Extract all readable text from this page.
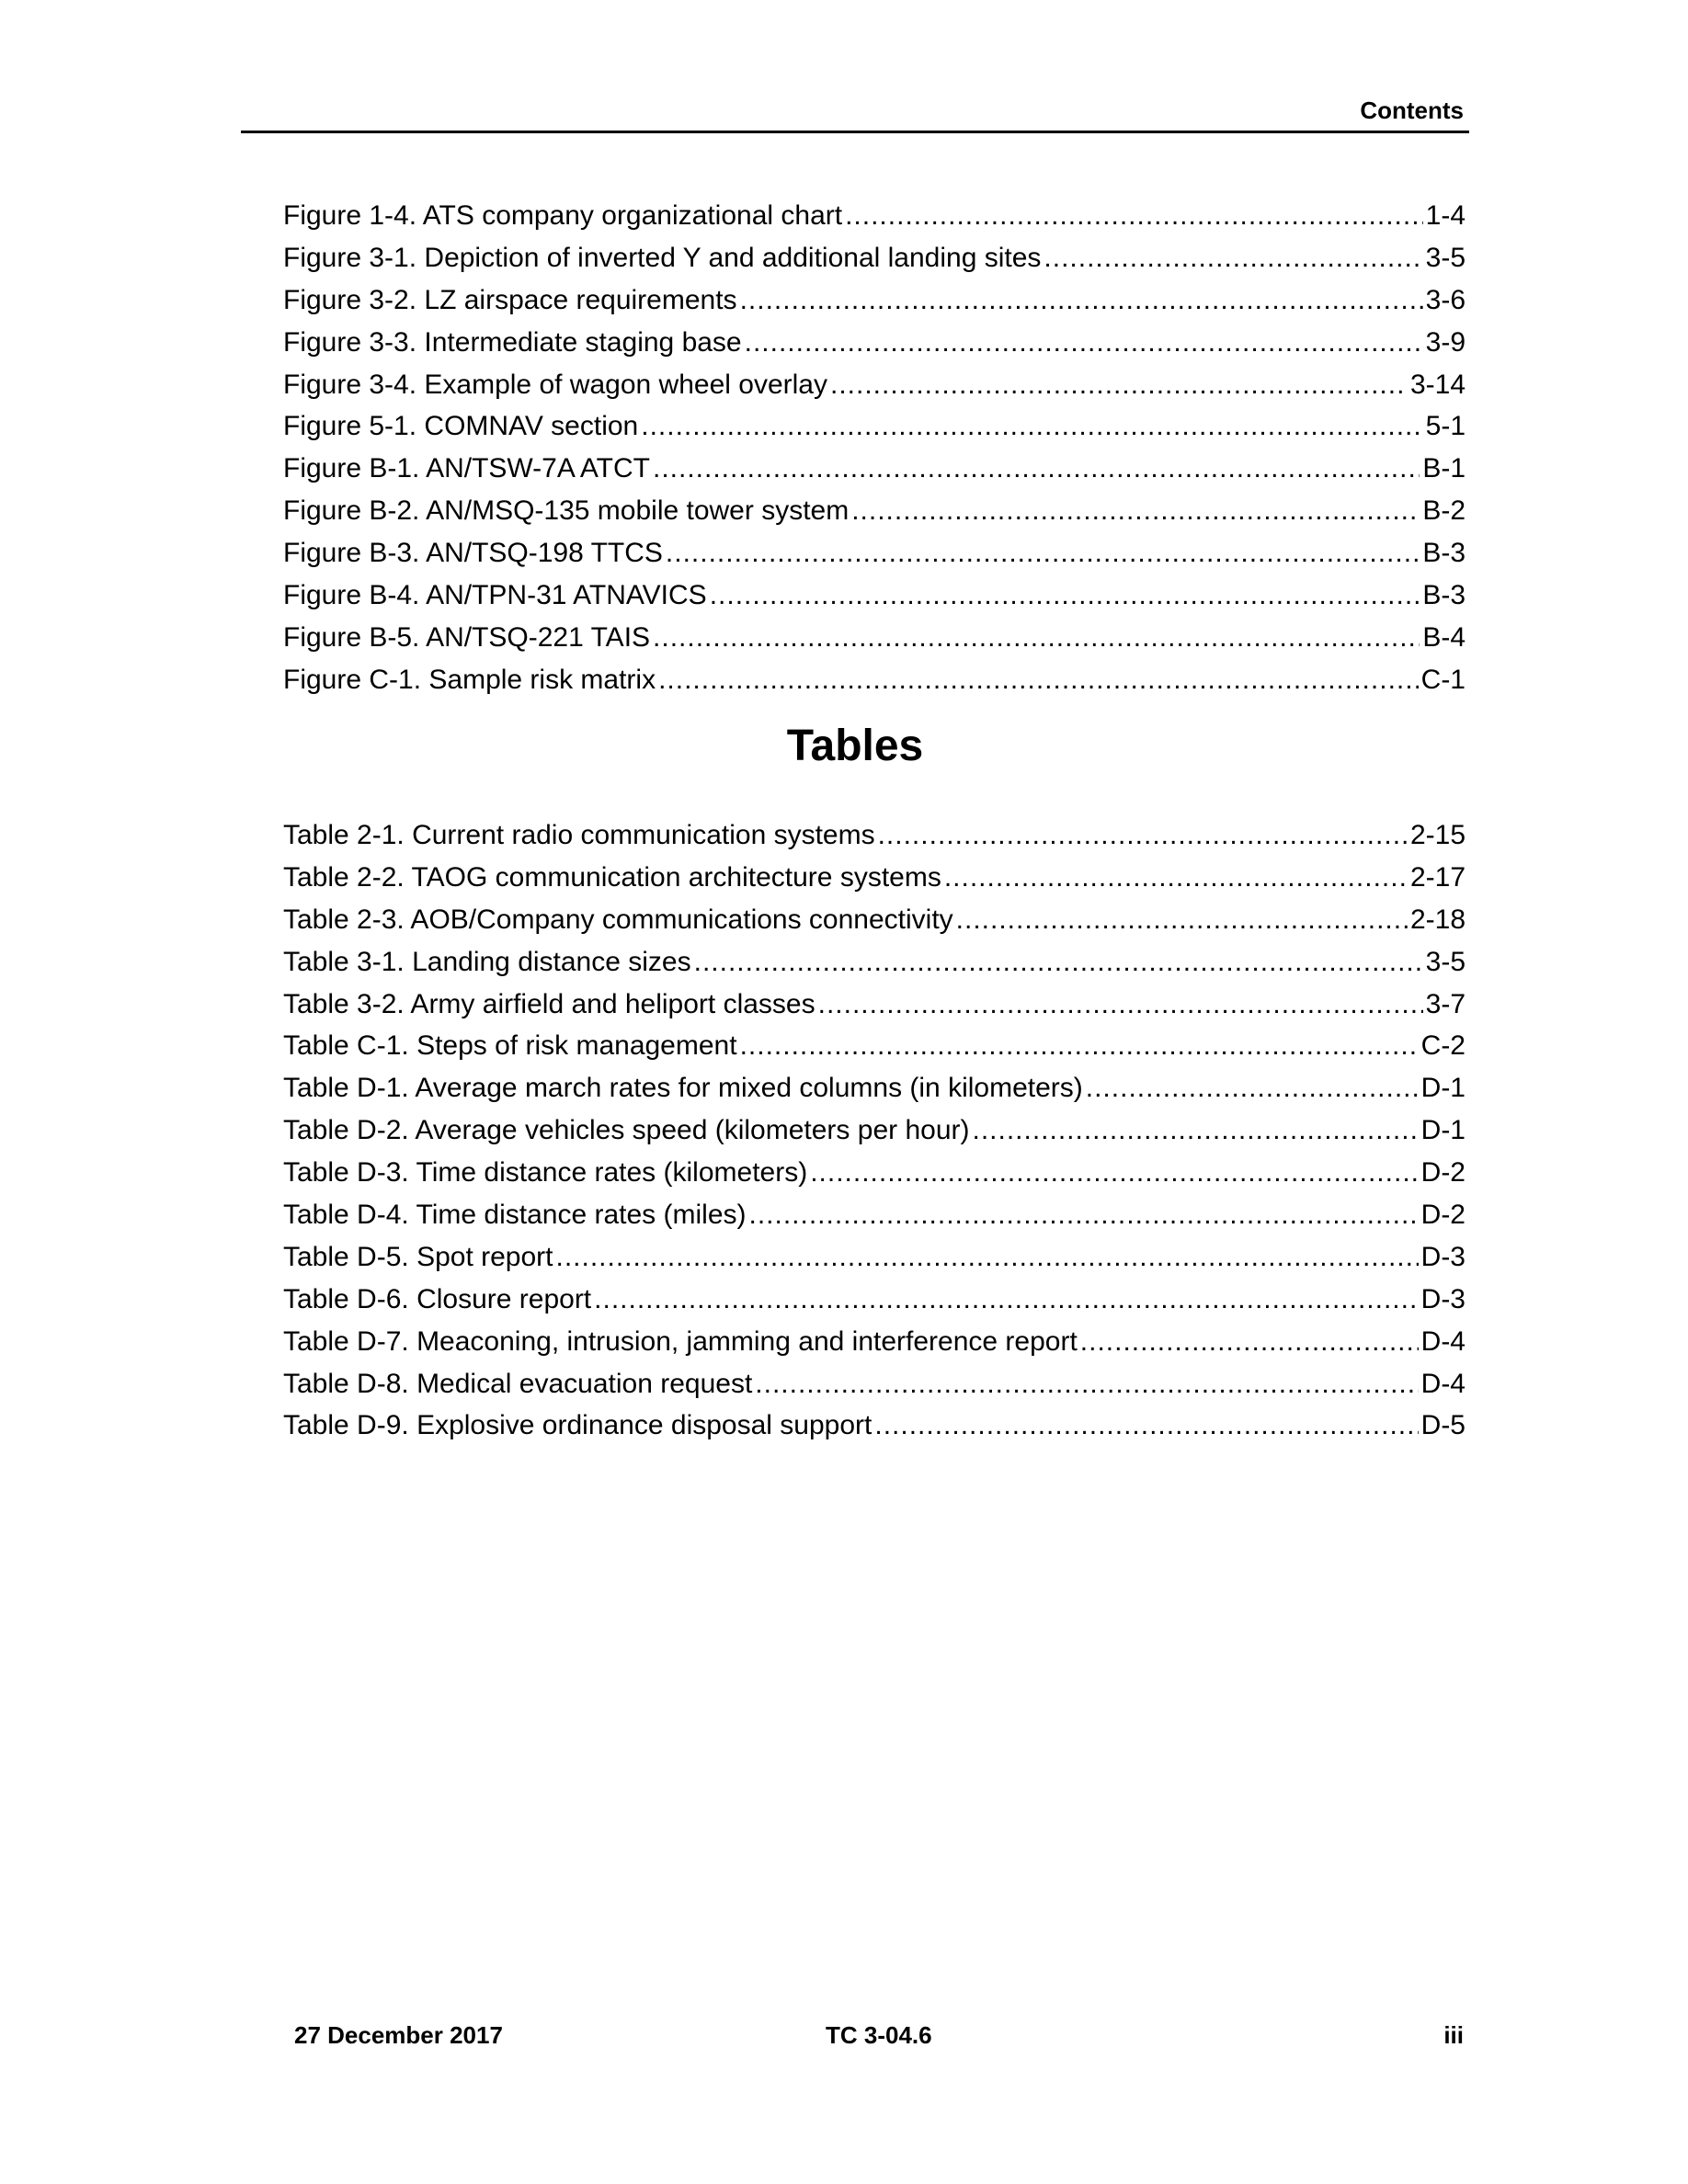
Contents
Figure 1-4. ATS company organizational chart .....	1-4
Figure 3-1. Depiction of inverted Y and additional landing sites .....	3-5
Figure 3-2. LZ airspace requirements .....	3-6
Figure 3-3. Intermediate staging base .....	3-9
Figure 3-4. Example of wagon wheel overlay .....	3-14
Figure 5-1. COMNAV section .....	5-1
Figure B-1. AN/TSW-7A ATCT .....	B-1
Figure B-2. AN/MSQ-135 mobile tower system .....	B-2
Figure B-3. AN/TSQ-198 TTCS .....	B-3
Figure B-4. AN/TPN-31 ATNAVICS .....	B-3
Figure B-5. AN/TSQ-221 TAIS .....	B-4
Figure C-1. Sample risk matrix .....	C-1
Tables
Table 2-1. Current radio communication systems .....	2-15
Table 2-2. TAOG communication architecture systems .....	2-17
Table 2-3. AOB/Company communications connectivity .....	2-18
Table 3-1. Landing distance sizes .....	3-5
Table 3-2. Army airfield and heliport classes .....	3-7
Table C-1. Steps of risk management .....	C-2
Table D-1. Average march rates for mixed columns (in kilometers) .....	D-1
Table D-2. Average vehicles speed (kilometers per hour) .....	D-1
Table D-3. Time distance rates (kilometers) .....	D-2
Table D-4. Time distance rates (miles) .....	D-2
Table D-5. Spot report .....	D-3
Table D-6. Closure report .....	D-3
Table D-7. Meaconing, intrusion, jamming and interference report .....	D-4
Table D-8. Medical evacuation request .....	D-4
Table D-9. Explosive ordinance disposal support .....	D-5
27 December 2017	TC 3-04.6	iii
